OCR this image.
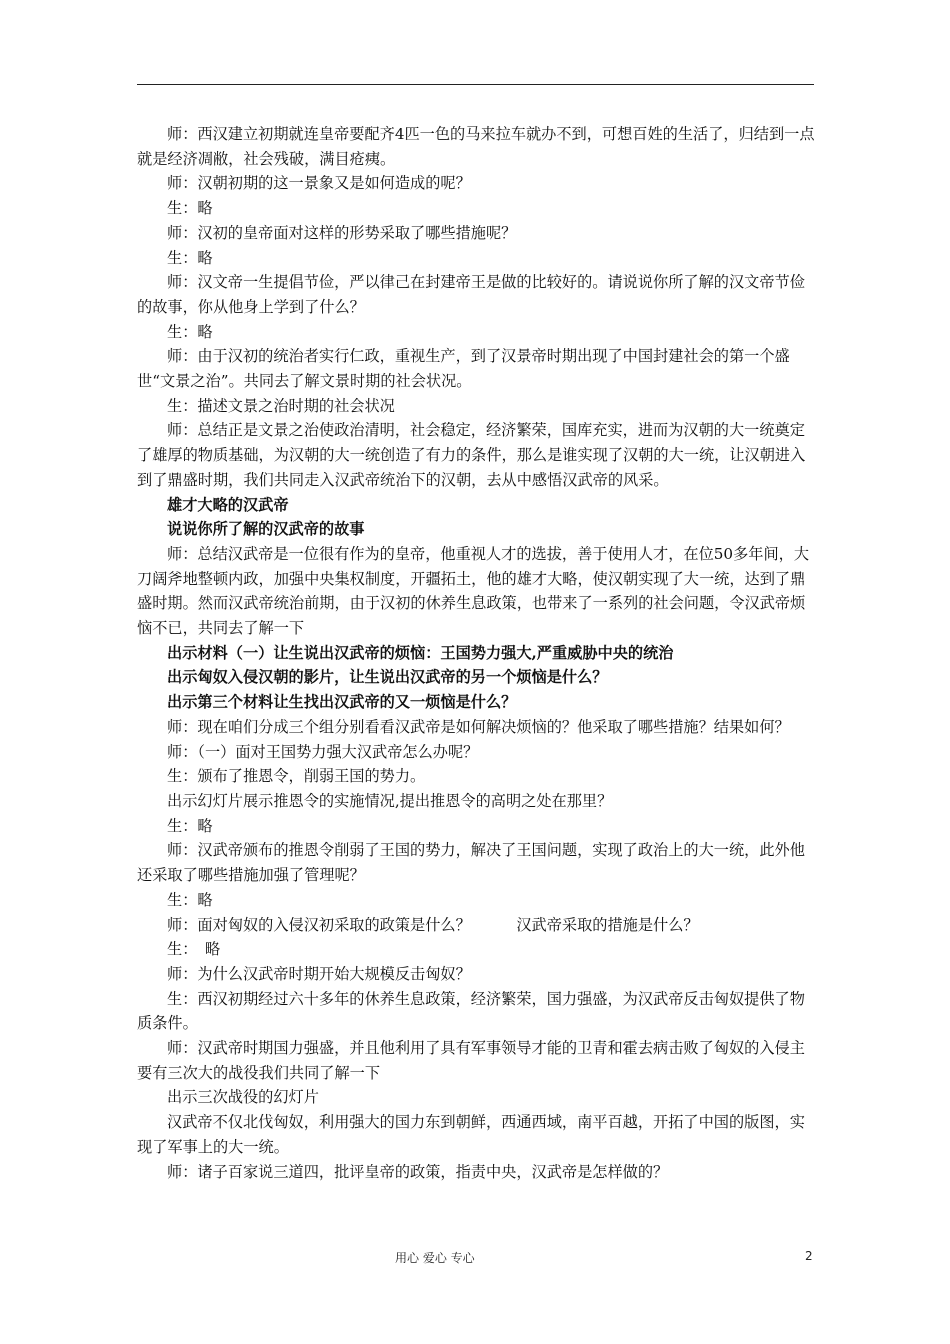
师：西汉建立初期就连皇帝要配齐4匹一色的马来拉车就办不到，可想百姓的生活了，归结到一点就是经济凋敝，社会残破，满目疮痍。

师：汉朝初期的这一景象又是如何造成的呢？

生：略

师：汉初的皇帝面对这样的形势采取了哪些措施呢？

生：略

师：汉文帝一生提倡节俭，严以律己在封建帝王是做的比较好的。请说说你所了解的汉文帝节俭的故事，你从他身上学到了什么？

生：略

师：由于汉初的统治者实行仁政，重视生产，到了汉景帝时期出现了中国封建社会的第一个盛世“文景之治”。共同去了解文景时期的社会状况。

生：描述文景之治时期的社会状况

师：总结正是文景之治使政治清明，社会稳定，经济繁荣，国库充实，进而为汉朝的大一统奠定了雄厚的物质基础，为汉朝的大一统创造了有力的条件，那么是谁实现了汉朝的大一统，让汉朝进入到了鼎盛时期，我们共同走入汉武帝统治下的汉朝，去从中感悟汉武帝的风采。

雄才大略的汉武帝

说说你所了解的汉武帝的故事

师：总结汉武帝是一位很有作为的皇帝，他重视人才的选拔，善于使用人才，在位50多年间，大刀阔斧地整顿内政，加强中央集权制度，开疆拓土，他的雄才大略，使汉朝实现了大一统，达到了鼎盛时期。然而汉武帝统治前期，由于汉初的休养生息政策，也带来了一系列的社会问题，令汉武帝烦恼不已，共同去了解一下

出示材料（一）让生说出汉武帝的烦恼：王国势力强大,严重威胁中央的统治

出示匈奴入侵汉朝的影片，让生说出汉武帝的另一个烦恼是什么？

出示第三个材料让生找出汉武帝的又一烦恼是什么？

师：现在咱们分成三个组分别看看汉武帝是如何解决烦恼的？他采取了哪些措施？结果如何？

师：（一）面对王国势力强大汉武帝怎么办呢？

生：颁布了推恩令，削弱王国的势力。

出示幻灯片展示推恩令的实施情况,提出推恩令的高明之处在那里？

生：略

师：汉武帝颁布的推恩令削弱了王国的势力，解决了王国问题，实现了政治上的大一统，此外他还采取了哪些措施加强了管理呢？

生：略

师：面对匈奴的入侵汉初采取的政策是什么？　　　汉武帝采取的措施是什么？

生：　略

师：为什么汉武帝时期开始大规模反击匈奴？

生：西汉初期经过六十多年的休养生息政策，经济繁荣，国力强盛，为汉武帝反击匈奴提供了物质条件。

师：汉武帝时期国力强盛，并且他利用了具有军事领导才能的卫青和霍去病击败了匈奴的入侵主要有三次大的战役我们共同了解一下

出示三次战役的幻灯片

汉武帝不仅北伐匈奴，利用强大的国力东到朝鲜，西通西域，南平百越，开拓了中国的版图，实现了军事上的大一统。

师：诸子百家说三道四，批评皇帝的政策，指责中央，汉武帝是怎样做的？

用心 爱心 专心	2
